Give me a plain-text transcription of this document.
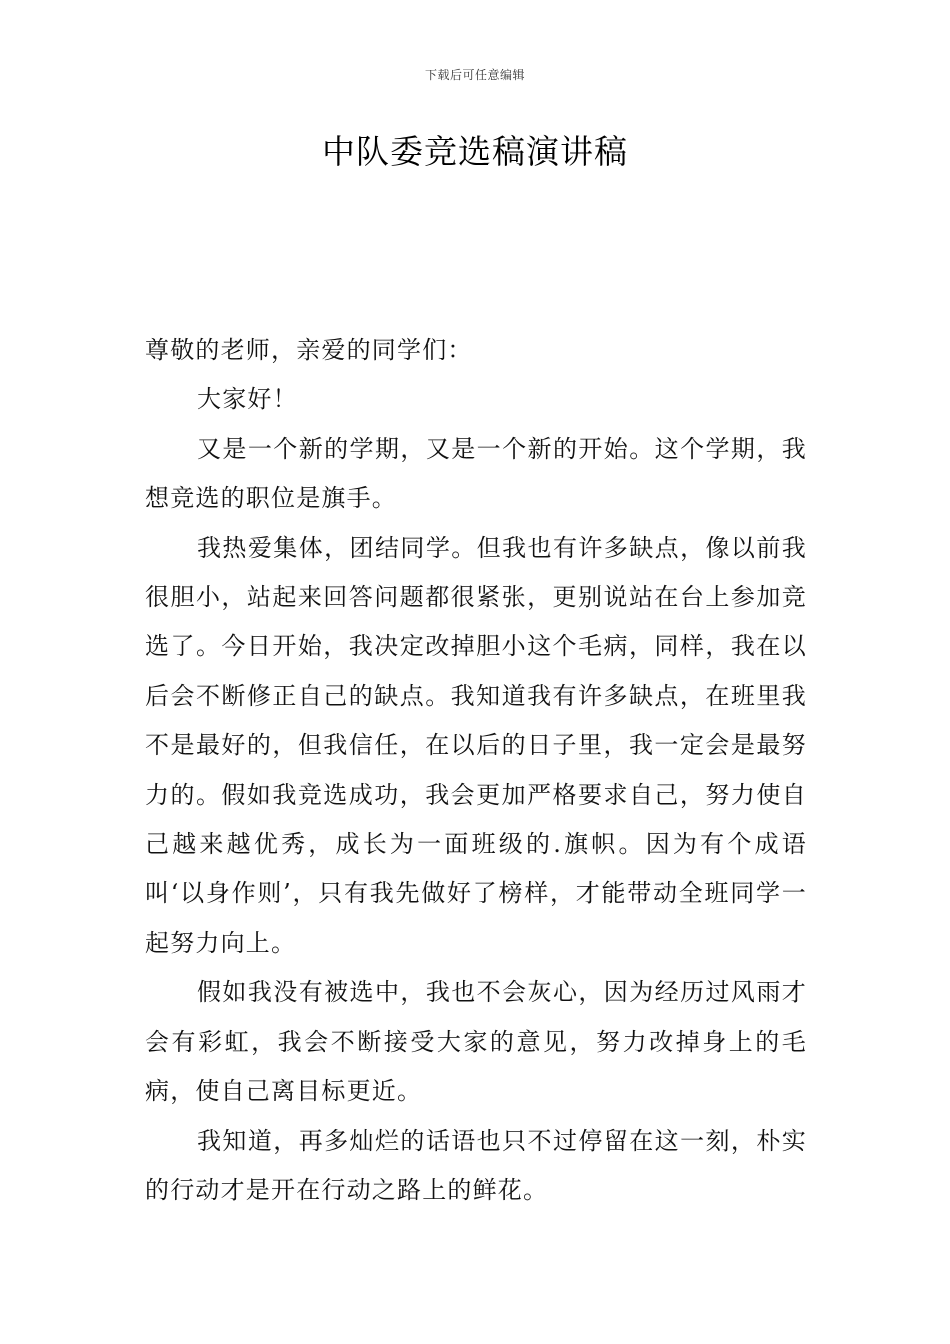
下载后可任意编辑
中队委竞选稿演讲稿

尊敬的老师，亲爱的同学们：

大家好！

又是一个新的学期，又是一个新的开始。这个学期，我想竞选的职位是旗手。

我热爱集体，团结同学。但我也有许多缺点，像以前我很胆小，站起来回答问题都很紧张，更别说站在台上参加竞选了。今日开始，我决定改掉胆小这个毛病，同样，我在以后会不断修正自己的缺点。我知道我有许多缺点，在班里我不是最好的，但我信任，在以后的日子里，我一定会是最努力的。假如我竞选成功，我会更加严格要求自己，努力使自己越来越优秀，成长为一面班级的.旗帜。因为有个成语叫‘以身作则’，只有我先做好了榜样，才能带动全班同学一起努力向上。

假如我没有被选中，我也不会灰心，因为经历过风雨才会有彩虹，我会不断接受大家的意见，努力改掉身上的毛病，使自己离目标更近。

我知道，再多灿烂的话语也只不过停留在这一刻，朴实的行动才是开在行动之路上的鲜花。
